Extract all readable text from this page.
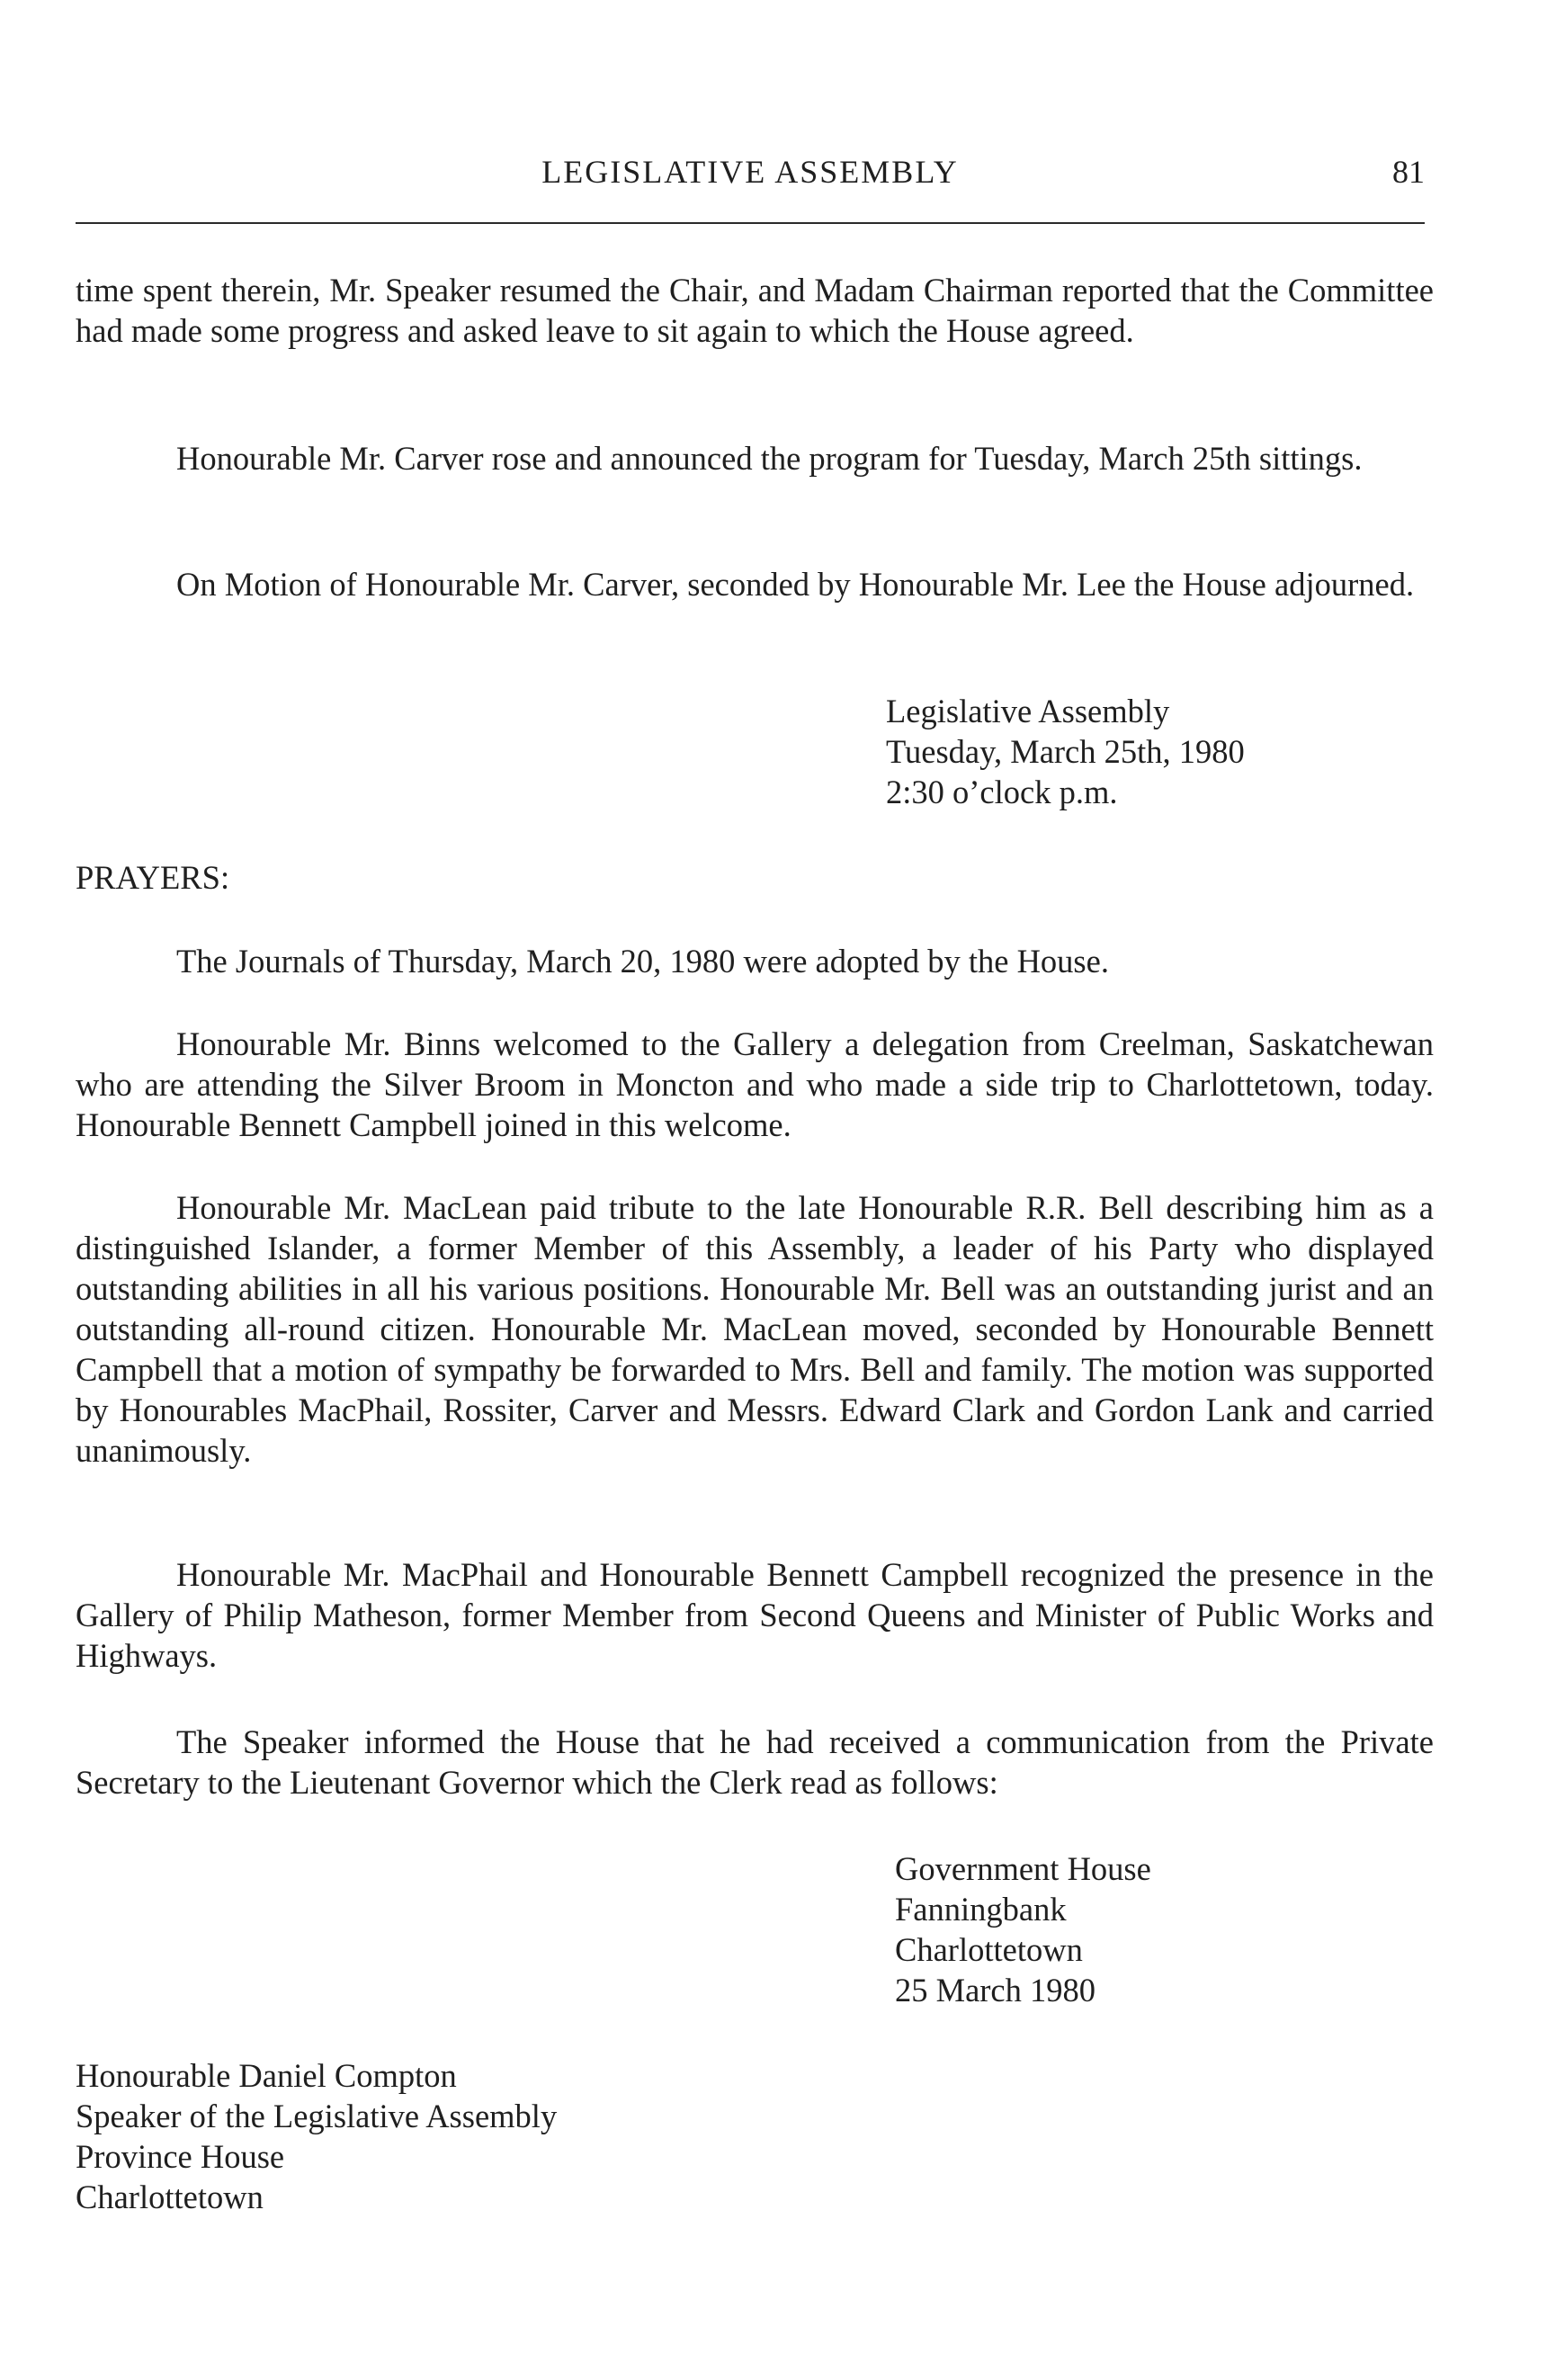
LEGISLATIVE ASSEMBLY	81
time spent therein, Mr. Speaker resumed the Chair, and Madam Chairman reported that the Committee had made some progress and asked leave to sit again to which the House agreed.
Honourable Mr. Carver rose and announced the program for Tuesday, March 25th sittings.
On Motion of Honourable Mr. Carver, seconded by Honourable Mr. Lee the House adjourned.
Legislative Assembly
Tuesday, March 25th, 1980
2:30 o’clock p.m.
PRAYERS:
The Journals of Thursday, March 20, 1980 were adopted by the House.
Honourable Mr. Binns welcomed to the Gallery a delegation from Creelman, Saskatchewan who are attending the Silver Broom in Moncton and who made a side trip to Charlottetown, today. Honourable Bennett Campbell joined in this welcome.
Honourable Mr. MacLean paid tribute to the late Honourable R.R. Bell describing him as a distinguished Islander, a former Member of this Assembly, a leader of his Party who displayed outstanding abilities in all his various positions. Honourable Mr. Bell was an outstanding jurist and an outstanding all-round citizen. Honourable Mr. MacLean moved, seconded by Honourable Bennett Campbell that a motion of sympathy be forwarded to Mrs. Bell and family. The motion was supported by Honourables MacPhail, Rossiter, Carver and Messrs. Edward Clark and Gordon Lank and carried unanimously.
Honourable Mr. MacPhail and Honourable Bennett Campbell recognized the presence in the Gallery of Philip Matheson, former Member from Second Queens and Minister of Public Works and Highways.
The Speaker informed the House that he had received a communication from the Private Secretary to the Lieutenant Governor which the Clerk read as follows:
Government House
Fanningbank
Charlottetown
25 March 1980
Honourable Daniel Compton
Speaker of the Legislative Assembly
Province House
Charlottetown
